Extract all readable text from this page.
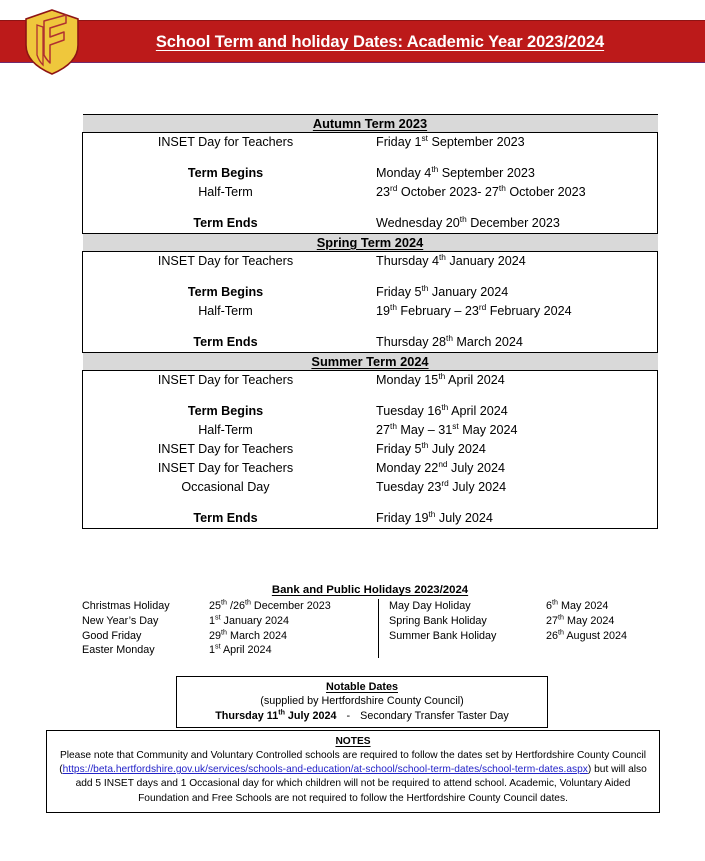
School Term and holiday Dates: Academic Year 2023/2024
Autumn Term 2023	
INSET Day for Teachers	Friday 1st September 2023

Term Begins	Monday 4th September 2023
Half-Term	23rd October 2023- 27th October 2023

Term Ends	Wednesday 20th December 2023
Spring Term 2024	
INSET Day for Teachers	Thursday 4th January 2024

Term Begins	Friday 5th January 2024
Half-Term	19th February – 23rd February 2024

Term Ends	Thursday 28th March 2024
Summer Term 2024	
INSET Day for Teachers	Monday 15th April 2024

Term Begins	Tuesday 16th April 2024
Half-Term	27th May – 31st May 2024
INSET Day for Teachers	Friday 5th July 2024
INSET Day for Teachers	Monday 22nd July 2024
Occasional Day	Tuesday 23rd July 2024

Term Ends	Friday 19th July 2024
Bank and Public Holidays 2023/2024
Christmas Holiday	25th /26th December 2023
New Year’s Day	1st January 2024
Good Friday	29th March 2024
Easter Monday	1st April 2024
May Day Holiday	6th May 2024
Spring Bank Holiday	27th May 2024
Summer Bank Holiday	26th August 2024
Notable Dates
(supplied by Hertfordshire County Council)
Thursday 11th July 2024 - Secondary Transfer Taster Day
NOTES
Please note that Community and Voluntary Controlled schools are required to follow the dates set by Hertfordshire County Council (https://beta.hertfordshire.gov.uk/services/schools-and-education/at-school/school-term-dates/school-term-dates.aspx) but will also add 5 INSET days and 1 Occasional day for which children will not be required to attend school. Academic, Voluntary Aided Foundation and Free Schools are not required to follow the Hertfordshire County Council dates.
